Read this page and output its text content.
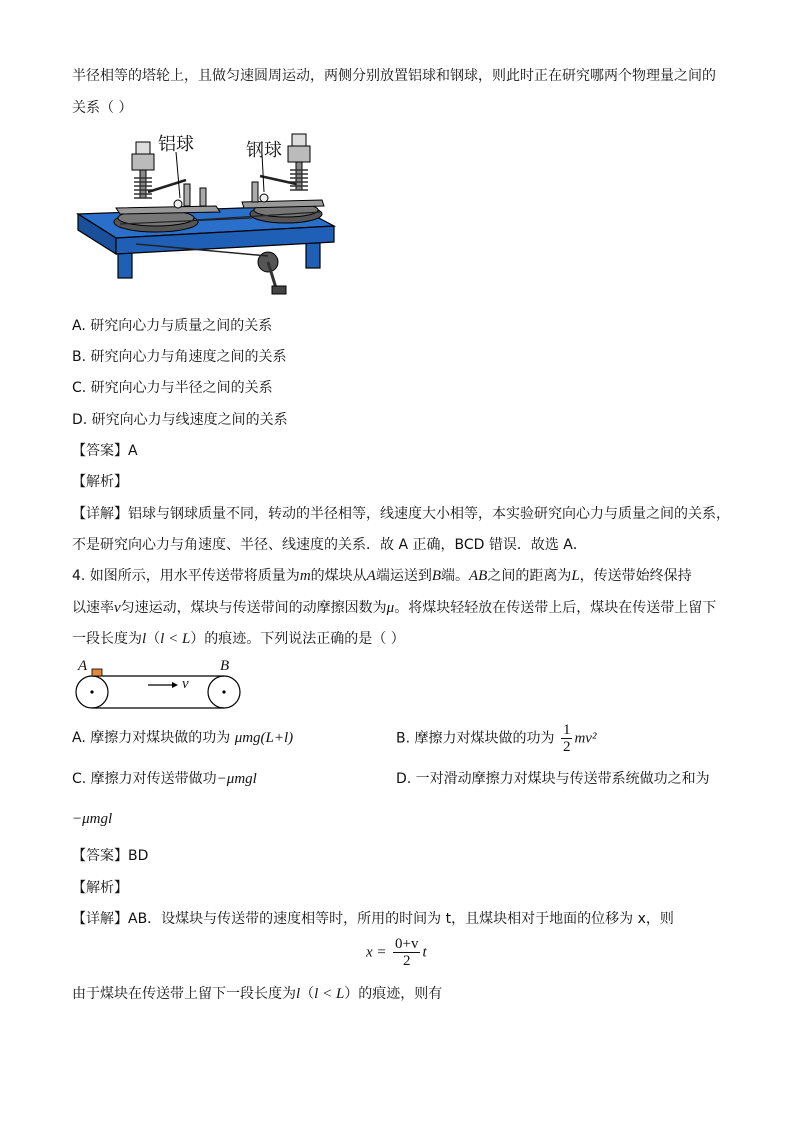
半径相等的塔轮上，且做匀速圆周运动，两侧分别放置铝球和钢球，则此时正在研究哪两个物理量之间的
关系（ ）
铝球	钢球
A. 研究向心力与质量之间的关系
B. 研究向心力与角速度之间的关系
C. 研究向心力与半径之间的关系
D. 研究向心力与线速度之间的关系
【答案】A
【解析】
【详解】铝球与钢球质量不同，转动的半径相等，线速度大小相等，本实验研究向心力与质量之间的关系，
不是研究向心力与角速度、半径、线速度的关系．故 A 正确，BCD 错误．故选 A．
4. 如图所示，用水平传送带将质量为m的煤块从A端运送到B端。AB之间的距离为L，传送带始终保持
以速率v匀速运动，煤块与传送带间的动摩擦因数为μ。将煤块轻轻放在传送带上后，煤块在传送带上留下
一段长度为l（l < L）的痕迹。下列说法正确的是（ ）
A	B
v
A. 摩擦力对煤块做的功为 μmg(L+l)	B. 摩擦力对煤块做的功为 $\frac{1}{2} mv^2$
C. 摩擦力对传送带做功−μmgl	D. 一对滑动摩擦力对煤块与传送带系统做功之和为
−μmgl
【答案】BD
【解析】
【详解】AB．设煤块与传送带的速度相等时，所用的时间为 t，且煤块相对于地面的位移为 x，则
$x = \frac{0+v}{2}$ t
由于煤块在传送带上留下一段长度为l（l < L）的痕迹，则有
